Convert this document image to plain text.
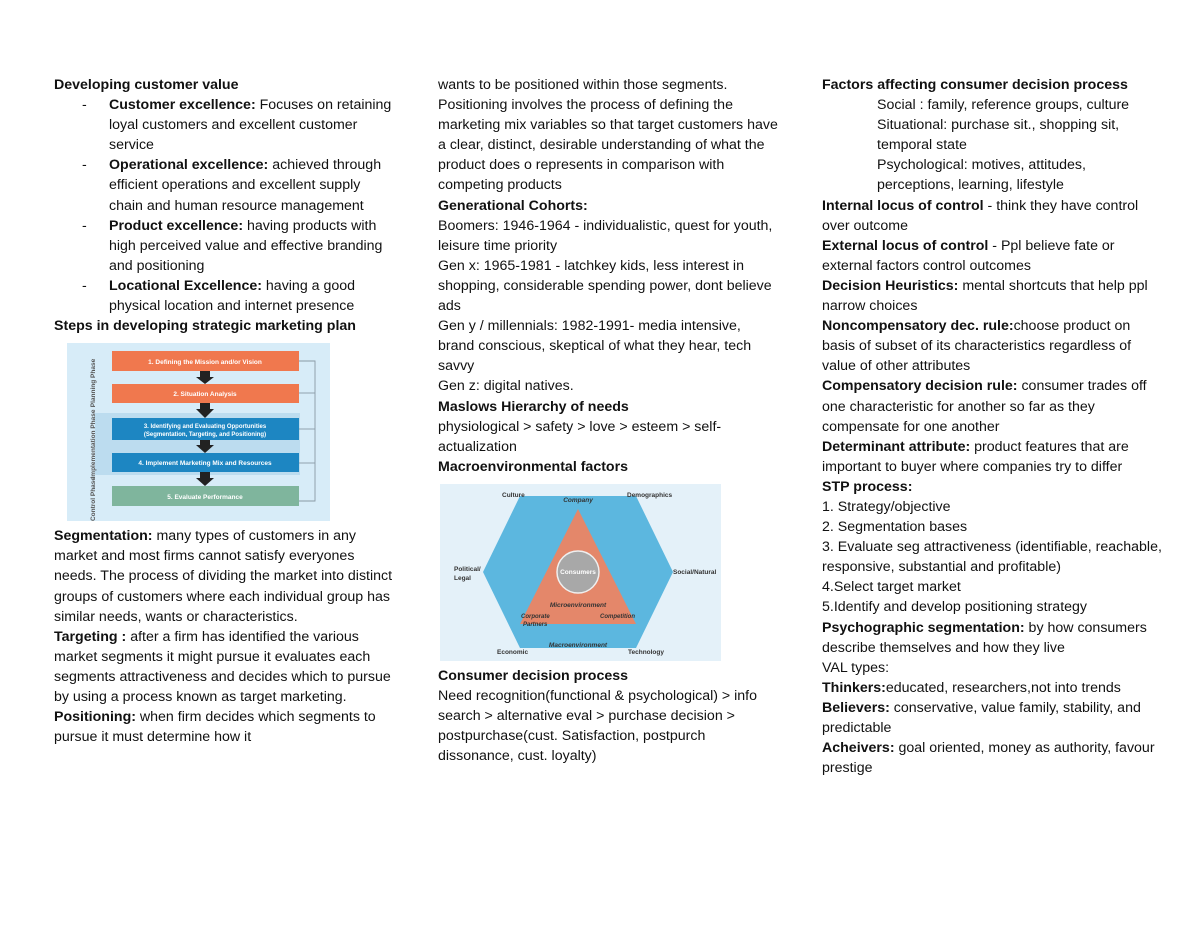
Developing customer value

- Customer excellence: Focuses on retaining loyal customers and excellent customer service
- Operational excellence: achieved through efficient operations and excellent supply chain and human resource management
- Product excellence: having products with high perceived value and effective branding and positioning
- Locational Excellence: having a good physical location and internet presence

Steps in developing strategic marketing plan

Planning Phase
Implementation Phase
Control Phase
1. Defining the Mission and/or Vision
2. Situation Analysis
3. Identifying and Evaluating Opportunities
(Segmentation, Targeting, and Positioning)
4. Implement Marketing Mix and Resources
5. Evaluate Performance

Segmentation: many types of customers in any market and most firms cannot satisfy everyones needs. The process of dividing the market into distinct groups of customers where each individual group has similar needs, wants or characteristics.

Targeting : after a firm has identified the various market segments it might pursue it evaluates each segments attractiveness and decides which to pursue by using a process known as target marketing.

Positioning: when firm decides which segments to pursue it must determine how it

wants to be positioned within those segments. Positioning involves the process of defining the marketing mix variables so that target customers have a clear, distinct, desirable understanding of what the product does o represents in comparison with competing products

Generational Cohorts:

Boomers: 1946-1964 - individualistic, quest for youth, leisure time priority

Gen x: 1965-1981 - latchkey kids, less interest in shopping, considerable spending power, dont believe ads

Gen y / millennials: 1982-1991- media intensive, brand conscious, skeptical of what they hear, tech savvy

Gen z: digital natives.

Maslows Hierarchy of needs

physiological > safety > love > esteem > self-actualization

Macroenvironmental factors

Culture	Demographics
Social/Natural
Technology
Economic
Political/
Legal
Company
Corporate
Partners
Competition
Consumers
Microenvironment
Macroenvironment

Consumer decision process

Need recognition(functional & psychological) > info search > alternative eval > purchase decision > postpurchase(cust. Satisfaction, postpurch dissonance, cust. loyalty)

Factors affecting consumer decision process

Social : family, reference groups, culture

Situational: purchase sit., shopping sit, temporal state

Psychological: motives, attitudes, perceptions, learning, lifestyle

Internal locus of control - think they have control over outcome

External locus of control - Ppl believe fate or external factors control outcomes

Decision Heuristics: mental shortcuts that help ppl narrow choices

Noncompensatory dec. rule:choose product on basis of subset of its characteristics regardless of value of other attributes

Compensatory decision rule: consumer trades off one characteristic for another so far as they compensate for one another

Determinant attribute: product features that are important to buyer where companies try to differ

STP process:

1. Strategy/objective

2. Segmentation bases

3. Evaluate seg attractiveness (identifiable, reachable, responsive, substantial and profitable)

4.Select target market

5.Identify and develop positioning strategy

Psychographic segmentation: by how consumers describe themselves and how they live

VAL types:

Thinkers:educated, researchers,not into trends

Believers: conservative, value family, stability, and predictable

Acheivers: goal oriented, money as authority, favour prestige
